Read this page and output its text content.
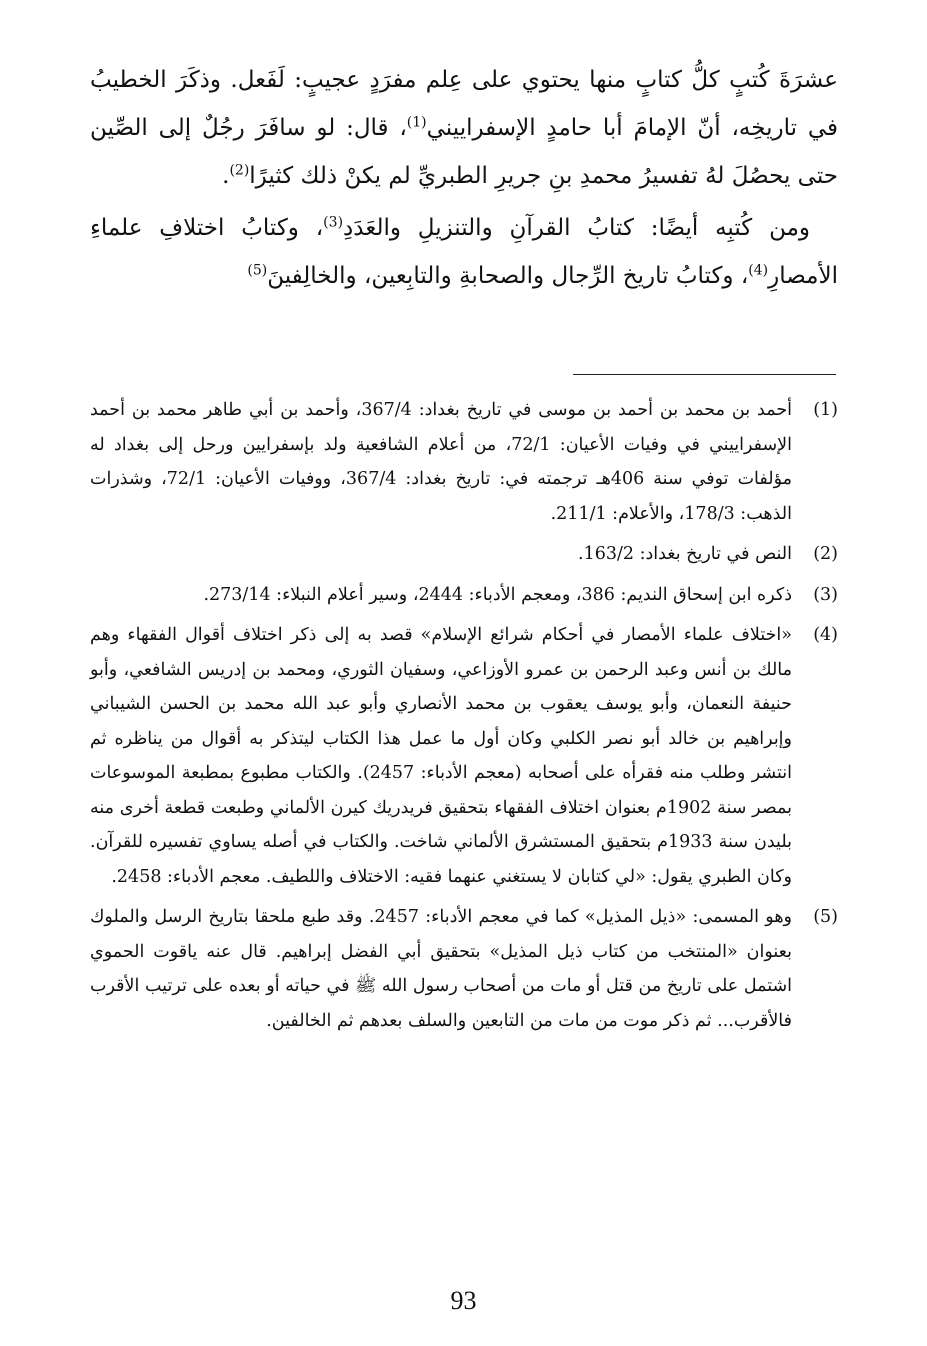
عشرَةَ كُتبٍ كلُّ كتابٍ منها يحتوي على عِلم مفرَدٍ عجيبٍ: لَفَعل. وذكَرَ الخطيبُ في تاريخِه، أنّ الإمامَ أبا حامدٍ الإسفراييني$^{(1)}$، قال: لو سافَرَ رجُلٌ إلى الصِّين حتى يحصُلَ لهُ تفسيرُ محمدِ بنِ جريرِ الطبريِّ لم يكنْ ذلك كثيرًا$^{(2)}$.

ومن كُتبِه أيضًا: كتابُ القرآنِ والتنزيلِ والعَدَدِ$^{(3)}$، وكتابُ اختلافِ علماءِ الأمصارِ$^{(4)}$، وكتابُ تاريخ الرِّجال والصحابةِ والتابِعين، والخالِفينَ$^{(5)}$

(1)
أحمد بن محمد بن أحمد بن موسى في تاريخ بغداد: 367/4، وأحمد بن أبي طاهر محمد بن أحمد الإسفراييني في وفيات الأعيان: 72/1، من أعلام الشافعية ولد بإسفرايين ورحل إلى بغداد له مؤلفات توفي سنة 406هـ ترجمته في: تاريخ بغداد: 367/4، ووفيات الأعيان: 72/1، وشذرات الذهب: 178/3، والأعلام: 211/1.
(2)
النص في تاريخ بغداد: 163/2.
(3)
ذكره ابن إسحاق النديم: 386، ومعجم الأدباء: 2444، وسير أعلام النبلاء: 273/14.
(4)
«اختلاف علماء الأمصار في أحكام شرائع الإسلام» قصد به إلى ذكر اختلاف أقوال الفقهاء وهم مالك بن أنس وعبد الرحمن بن عمرو الأوزاعي، وسفيان الثوري، ومحمد بن إدريس الشافعي، وأبو حنيفة النعمان، وأبو يوسف يعقوب بن محمد الأنصاري وأبو عبد الله محمد بن الحسن الشيباني وإبراهيم بن خالد أبو نصر الكلبي وكان أول ما عمل هذا الكتاب ليتذكر به أقوال من يناظره ثم انتشر وطلب منه فقرأه على أصحابه (معجم الأدباء: 2457). والكتاب مطبوع بمطبعة الموسوعات بمصر سنة 1902م بعنوان اختلاف الفقهاء بتحقيق فريدريك كيرن الألماني وطبعت قطعة أخرى منه بليدن سنة 1933م بتحقيق المستشرق الألماني شاخت. والكتاب في أصله يساوي تفسيره للقرآن. وكان الطبري يقول: «لي كتابان لا يستغني عنهما فقيه: الاختلاف واللطيف. معجم الأدباء: 2458.
(5)
وهو المسمى: «ذيل المذيل» كما في معجم الأدباء: 2457. وقد طبع ملحقا بتاريخ الرسل والملوك بعنوان «المنتخب من كتاب ذيل المذيل» بتحقيق أبي الفضل إبراهيم. قال عنه ياقوت الحموي اشتمل على تاريخ من قتل أو مات من أصحاب رسول الله ﷺ في حياته أو بعده على ترتيب الأقرب فالأقرب... ثم ذكر موت من مات من التابعين والسلف بعدهم ثم الخالفين.
93
